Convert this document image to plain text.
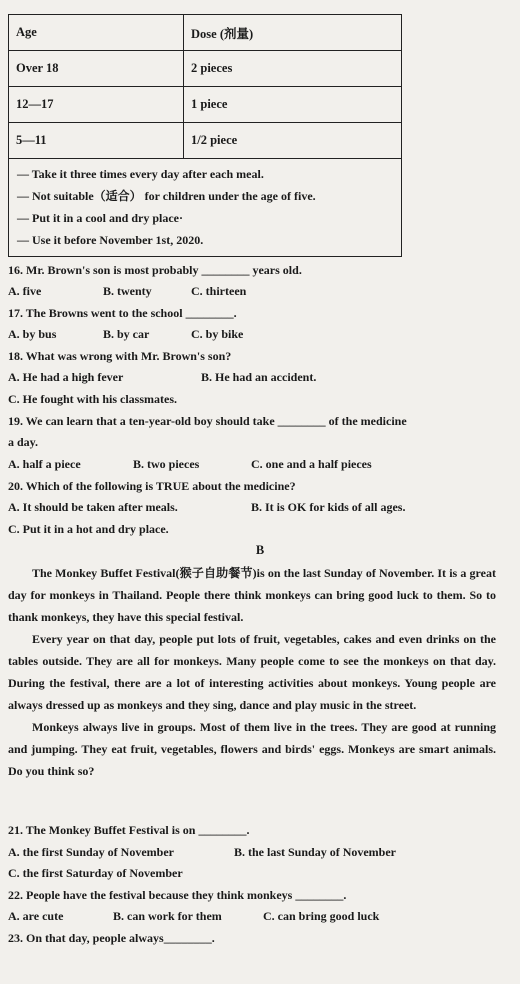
Age	Dose (剂量)
Over 18	2 pieces
12—17	1 piece
5—11	1/2 piece

— Take it three times every day after each meal.
— Not suitable（适合） for children under the age of five.
— Put it in a cool and dry place·
— Use it before November 1st, 2020.	
16. Mr. Brown's son is most probably ________ years old.
A. five	B. twenty	C. thirteen
17. The Browns went to the school ________.
A. by bus	B. by car	C. by bike
18. What was wrong with Mr. Brown's son?
A. He had a high fever	B. He had an accident.
C. He fought with his classmates.
19. We can learn that a ten-year-old boy should take ________ of the medicine
a day.
A. half a piece	B. two pieces	C. one and a half pieces
20. Which of the following is TRUE about the medicine?
A. It should be taken after meals.	B. It is OK for kids of all ages.
C. Put it in a hot and dry place.
B

The Monkey Buffet Festival(猴子自助餐节)is on the last Sunday of November. It is a great day for monkeys in Thailand. People there think monkeys can bring good luck to them. So to thank monkeys, they have this special festival.

Every year on that day, people put lots of fruit, vegetables, cakes and even drinks on the tables outside. They are all for monkeys. Many people come to see the monkeys on that day. During the festival, there are a lot of interesting activities about monkeys. Young people are always dressed up as monkeys and they sing, dance and play music in the street.

Monkeys always live in groups. Most of them live in the trees. They are good at running and jumping. They eat fruit, vegetables, flowers and birds' eggs. Monkeys are smart animals. Do you think so?

21. The Monkey Buffet Festival is on ________.
A. the first Sunday of November	B. the last Sunday of November
C. the first Saturday of November
22. People have the festival because they think monkeys ________.
A. are cute	B. can work for them	C. can bring good luck
23. On that day, people always________.
